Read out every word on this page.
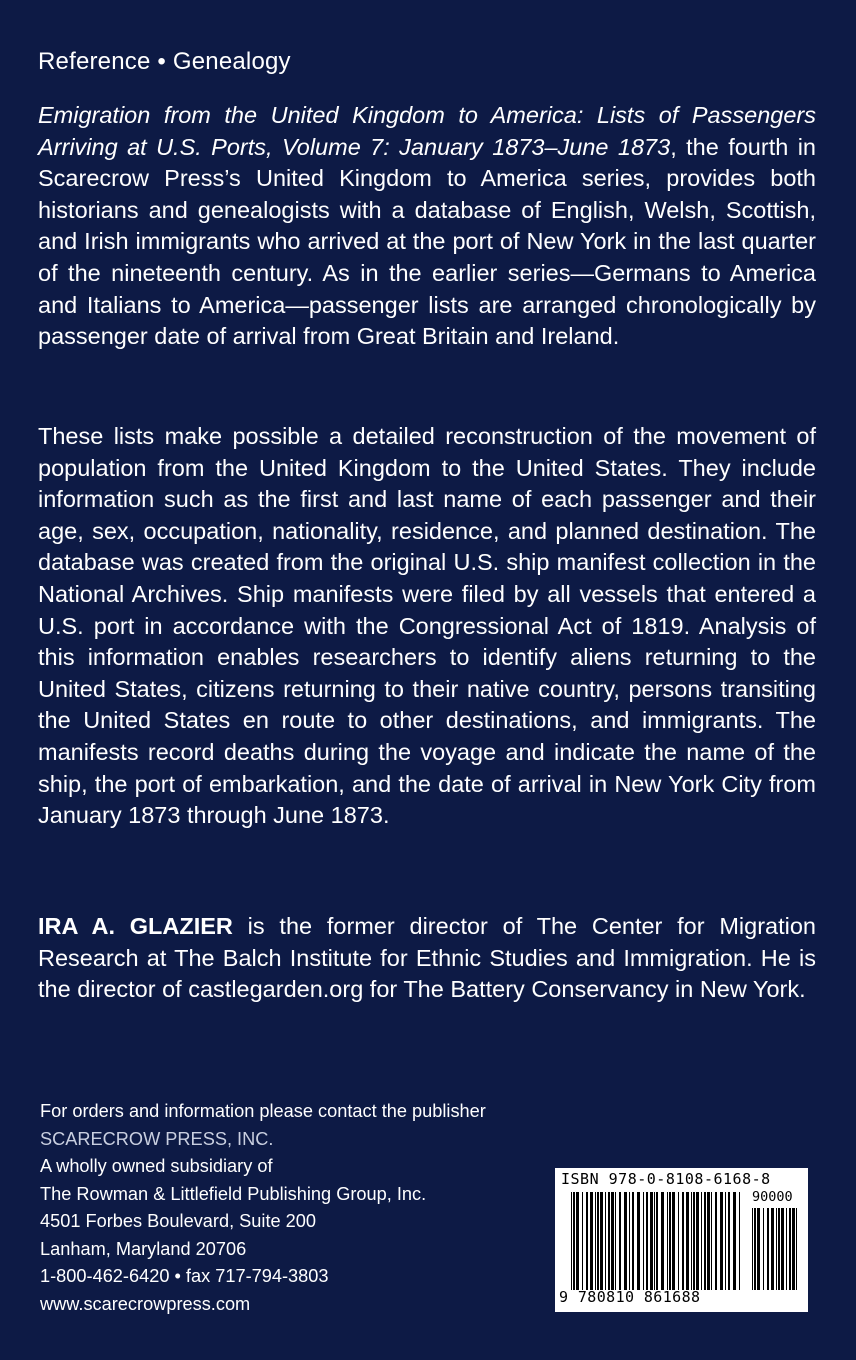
Reference • Genealogy

Emigration from the United Kingdom to America: Lists of Passengers Arriving at U.S. Ports, Volume 7: January 1873–June 1873, the fourth in Scarecrow Press’s United Kingdom to America series, provides both historians and genealogists with a database of English, Welsh, Scottish, and Irish immigrants who arrived at the port of New York in the last quarter of the nineteenth century. As in the earlier series—Germans to America and Italians to America—passenger lists are arranged chronologically by passenger date of arrival from Great Britain and Ireland.

These lists make possible a detailed reconstruction of the movement of population from the United Kingdom to the United States. They include information such as the first and last name of each passenger and their age, sex, occupation, nationality, residence, and planned destination. The database was created from the original U.S. ship manifest collection in the National Archives. Ship manifests were filed by all vessels that entered a U.S. port in accordance with the Congressional Act of 1819. Analysis of this information enables researchers to identify aliens returning to the United States, citizens returning to their native country, persons transiting the United States en route to other destinations, and immigrants. The manifests record deaths during the voyage and indicate the name of the ship, the port of embarkation, and the date of arrival in New York City from January 1873 through June 1873.

IRA A. GLAZIER is the former director of The Center for Migration Research at The Balch Institute for Ethnic Studies and Immigration. He is the director of castlegarden.org for The Battery Conservancy in New York.

For orders and information please contact the publisher
SCARECROW PRESS, INC.
A wholly owned subsidiary of
The Rowman & Littlefield Publishing Group, Inc.
4501 Forbes Boulevard, Suite 200
Lanham, Maryland 20706
1-800-462-6420 • fax 717-794-3803
www.scarecrowpress.com
ISBN 978-0-8108-6168-8
90000
9 780810 861688
